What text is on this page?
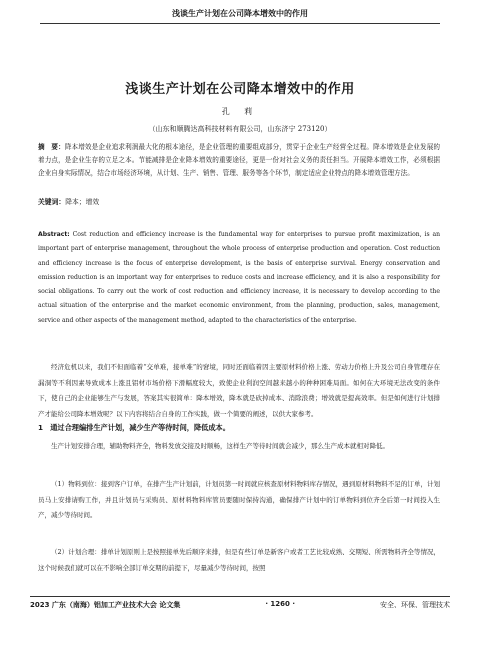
浅谈生产计划在公司降本增效中的作用
浅谈生产计划在公司降本增效中的作用
孔 莉
（山东和顺腾达高科技材料有限公司，山东济宁 273120）
摘　要：降本增效是企业追求利润最大化的根本途径，是企业管理的重要组成部分，贯穿于企业生产经营全过程。降本增效是企业发展的着力点，是企业生存的立足之本。节能减排是企业降本增效的重要途径，更是一份对社会义务的责任担当。开展降本增效工作，必须根据企业自身实际情况，结合市场经济环境，从计划、生产、销售、管理、服务等各个环节，制定适应企业特点的降本增效管理方法。
关键词：降本；增效
Abstract: Cost reduction and efficiency increase is the fundamental way for enterprises to pursue profit maximization, is an important part of enterprise management, throughout the whole process of enterprise production and operation. Cost reduction and efficiency increase is the focus of enterprise development, is the basis of enterprise survival. Energy conservation and emission reduction is an important way for enterprises to reduce costs and increase efficiency, and it is also a responsibility for social obligations. To carry out the work of cost reduction and efficiency increase, it is necessary to develop according to the actual situation of the enterprise and the market economic environment, from the planning, production, sales, management, service and other aspects of the management method, adapted to the characteristics of the enterprise.
经济危机以来，我们不但面临着“交单难，接单难”的窘境，同时还面临着因主要原材料价格上涨、劳动力价格上升及公司自身管理存在漏洞等不利因素导致成本上涨且铝材市场价格下滑幅度较大，致使企业利润空间越来越小的种种困难局面。如何在大环境无法改变的条件下，使自己的企业能够生产与发展，答案其实很简单：降本增效，降本就是砍掉成本、消除浪费；增效就是提高效率。但是如何进行计划排产才能给公司降本增效呢？以下内容将结合自身的工作实践，做一个简要的阐述，以供大家参考。
1　通过合理编排生产计划，减少生产等待时间，降低成本。
生产计划安排合理，辅助物料齐全，物料发放交接及时顺畅，这样生产等待时间就会减少，那么生产成本就相对降低。
（1）物料到位：接到客户订单，在排产生产计划前，计划员第一时间就应核查原材料物料库存情况，遇到原材料物料不足的订单，计划员马上安排请购工作，并且计划员与采购员、原材料物料库管员要随时保持沟通，确保排产计划中的订单物料到位齐全后第一时间投入生产，减少等待时间。
（2）计划合理：排单计划原则上是按照接单先后顺序来排，但是有些订单是新客户或者工艺比较成熟、交期短、所需物料齐全等情况，这个时候我们就可以在不影响全部订单交期的前提下，尽量减少等待时间，按照
2023 广东（南海）铝加工产业技术大会 论文集	· 1260 ·	安全、环保、管理技术
